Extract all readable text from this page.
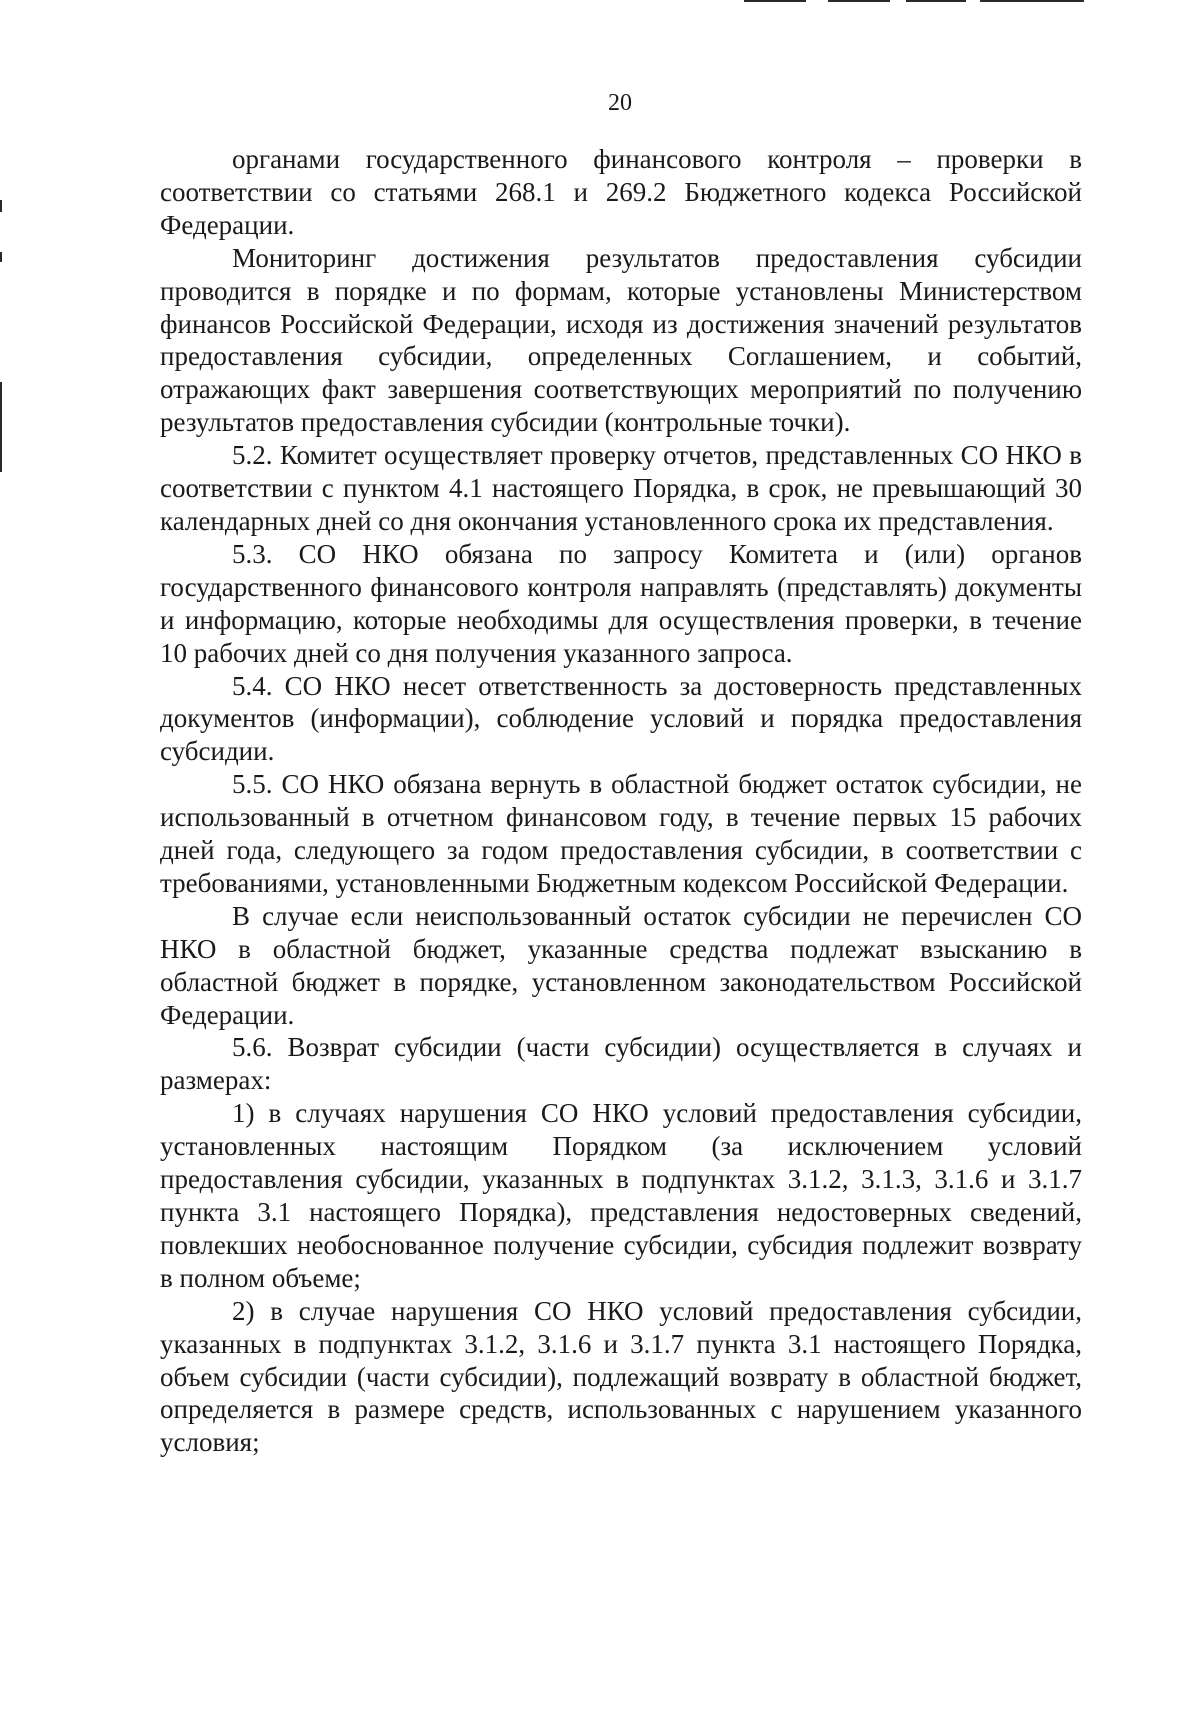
20

органами государственного финансового контроля – проверки в соответствии со статьями 268.1 и 269.2 Бюджетного кодекса Российской Федерации.

Мониторинг достижения результатов предоставления субсидии проводится в порядке и по формам, которые установлены Министерством финансов Российской Федерации, исходя из достижения значений результатов предоставления субсидии, определенных Соглашением, и событий, отражающих факт завершения соответствующих мероприятий по получению результатов предоставления субсидии (контрольные точки).

5.2. Комитет осуществляет проверку отчетов, представленных СО НКО в соответствии с пунктом 4.1 настоящего Порядка, в срок, не превышающий 30 календарных дней со дня окончания установленного срока их представления.

5.3. СО НКО обязана по запросу Комитета и (или) органов государственного финансового контроля направлять (представлять) документы и информацию, которые необходимы для осуществления проверки, в течение 10 рабочих дней со дня получения указанного запроса.

5.4. СО НКО несет ответственность за достоверность представленных документов (информации), соблюдение условий и порядка предоставления субсидии.

5.5. СО НКО обязана вернуть в областной бюджет остаток субсидии, не использованный в отчетном финансовом году, в течение первых 15 рабочих дней года, следующего за годом предоставления субсидии, в соответствии с требованиями, установленными Бюджетным кодексом Российской Федерации.

В случае если неиспользованный остаток субсидии не перечислен СО НКО в областной бюджет, указанные средства подлежат взысканию в областной бюджет в порядке, установленном законодательством Российской Федерации.

5.6. Возврат субсидии (части субсидии) осуществляется в случаях и размерах:

1) в случаях нарушения СО НКО условий предоставления субсидии, установленных настоящим Порядком (за исключением условий предоставления субсидии, указанных в подпунктах 3.1.2, 3.1.3, 3.1.6 и 3.1.7 пункта 3.1 настоящего Порядка), представления недостоверных сведений, повлекших необоснованное получение субсидии, субсидия подлежит возврату в полном объеме;

2) в случае нарушения СО НКО условий предоставления субсидии, указанных в подпунктах 3.1.2, 3.1.6 и 3.1.7 пункта 3.1 настоящего Порядка, объем субсидии (части субсидии), подлежащий возврату в областной бюджет, определяется в размере средств, использованных с нарушением указанного условия;
